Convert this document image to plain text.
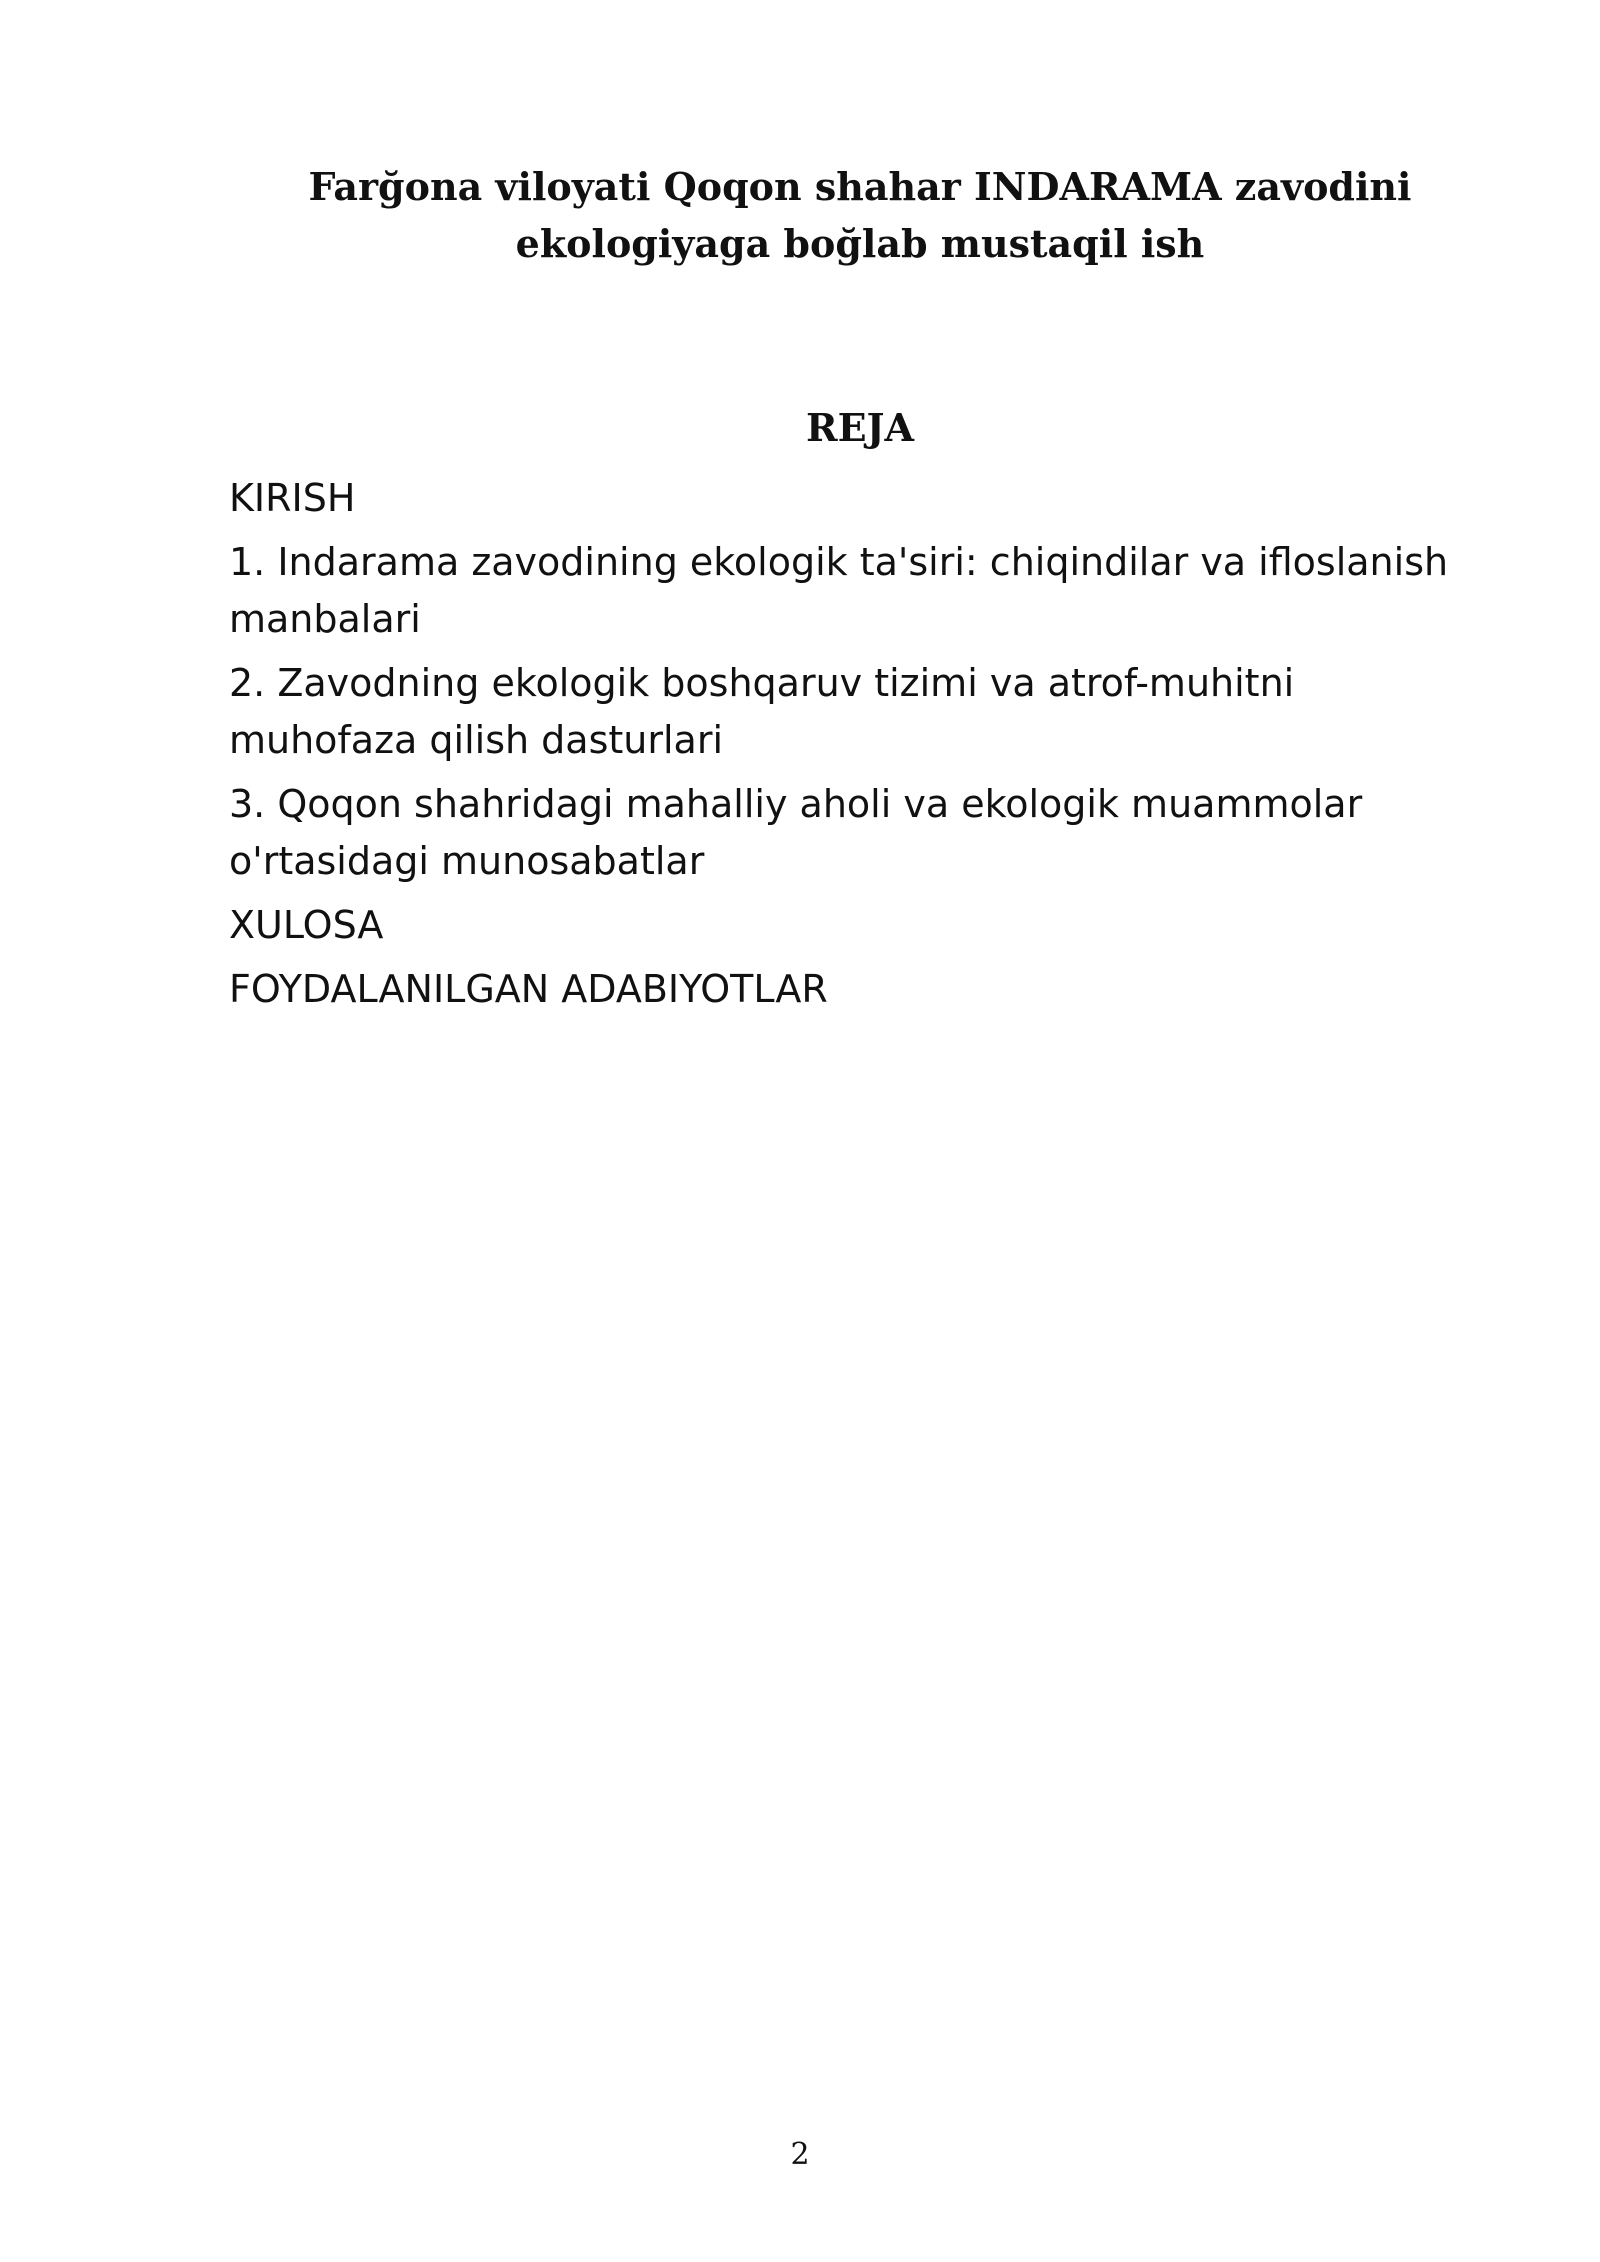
Farğona viloyati Qoqon shahar INDARAMA zavodini
ekologiyaga boğlab mustaqil ish
REJA
KIRISH
1. Indarama zavodining ekologik ta'siri: chiqindilar va ifloslanish
manbalari
2. Zavodning ekologik boshqaruv tizimi va atrof-muhitni
muhofaza qilish dasturlari
3. Qoqon shahridagi mahalliy aholi va ekologik muammolar
o'rtasidagi munosabatlar
XULOSA
FOYDALANILGAN ADABIYOTLAR
2
